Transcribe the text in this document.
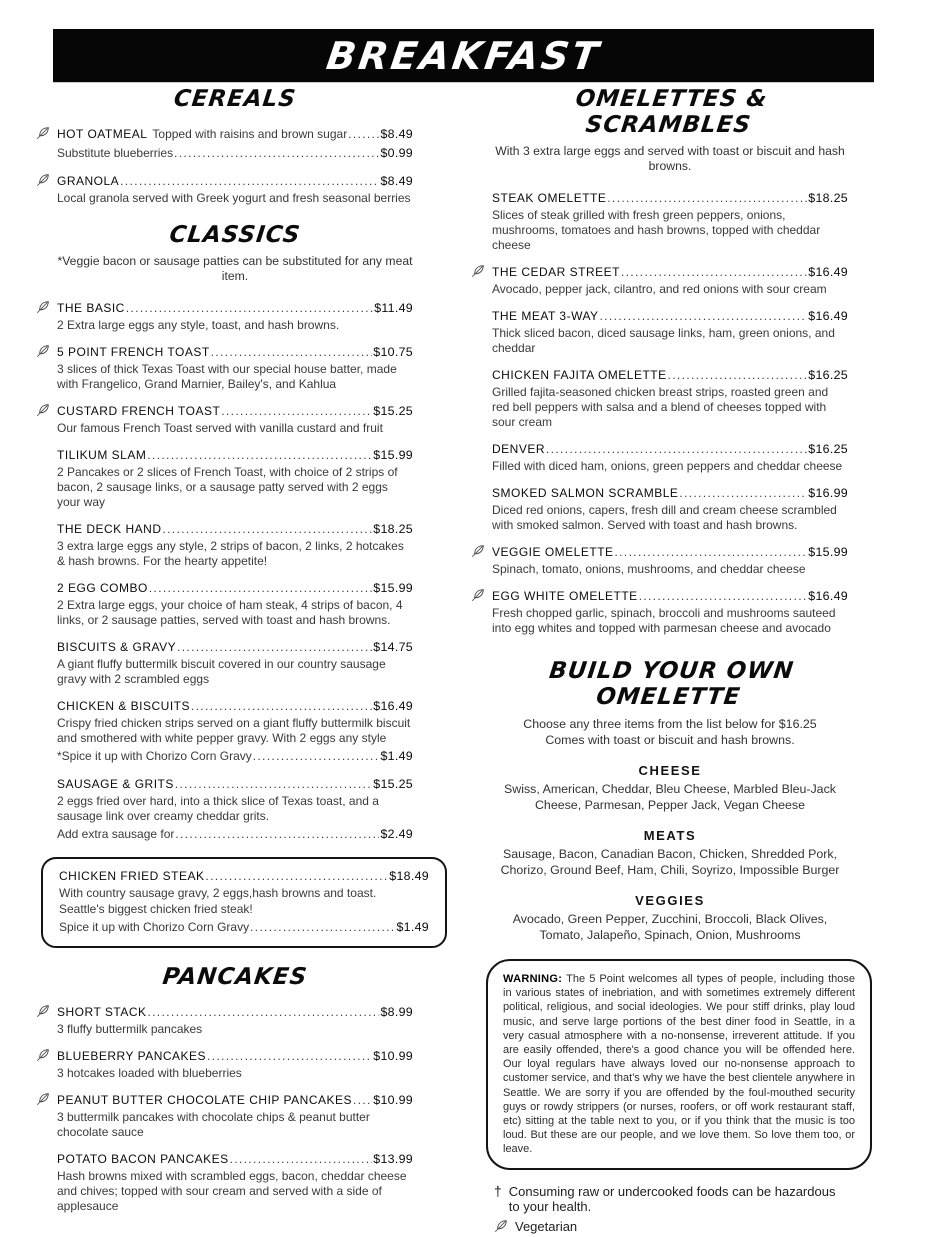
BREAKFAST
CEREALS
HOT OATMEAL Topped with raisins and brown sugar .....	$8.49
Substitute blueberries .....	$0.99
GRANOLA .....	$8.49
Local granola served with Greek yogurt and fresh seasonal berries
CLASSICS
*Veggie bacon or sausage patties can be substituted for any meat item.
THE BASIC .....	$11.49
2 Extra large eggs any style, toast, and hash browns.
5 POINT FRENCH TOAST .....	$10.75
3 slices of thick Texas Toast with our special house batter, made with Frangelico, Grand Marnier, Bailey's, and Kahlua
CUSTARD FRENCH TOAST .....	$15.25
Our famous French Toast served with vanilla custard and fruit
TILIKUM SLAM .....	$15.99
2 Pancakes or 2 slices of French Toast, with choice of 2 strips of bacon, 2 sausage links, or a sausage patty served with 2 eggs your way
THE DECK HAND .....	$18.25
3 extra large eggs any style, 2 strips of bacon, 2 links, 2 hotcakes & hash browns. For the hearty appetite!
2 EGG COMBO .....	$15.99
2 Extra large eggs, your choice of ham steak, 4 strips of bacon, 4 links, or 2 sausage patties, served with toast and hash browns.
BISCUITS & GRAVY .....	$14.75
A giant fluffy buttermilk biscuit covered in our country sausage gravy with 2 scrambled eggs
CHICKEN & BISCUITS .....	$16.49
Crispy fried chicken strips served on a giant fluffy buttermilk biscuit and smothered with white pepper gravy. With 2 eggs any style
*Spice it up with Chorizo Corn Gravy .....	$1.49
SAUSAGE & GRITS .....	$15.25
2 eggs fried over hard, into a thick slice of Texas toast, and a sausage link over creamy cheddar grits.
Add extra sausage for .....	$2.49
CHICKEN FRIED STEAK .....	$18.49
With country sausage gravy, 2 eggs,hash browns and toast.
Seattle's biggest chicken fried steak!
Spice it up with Chorizo Corn Gravy .....	$1.49
PANCAKES
SHORT STACK .....	$8.99
3 fluffy buttermilk pancakes
BLUEBERRY PANCAKES .....	$10.99
3 hotcakes loaded with blueberries
PEANUT BUTTER CHOCOLATE CHIP PANCAKES ..... $10.99
3 buttermilk pancakes with chocolate chips & peanut butter chocolate sauce
POTATO BACON PANCAKES .....	$13.99
Hash browns mixed with scrambled eggs, bacon, cheddar cheese and chives; topped with sour cream and served with a side of applesauce
OMELETTES & SCRAMBLES
With 3 extra large eggs and served with toast or biscuit and hash browns.
STEAK OMELETTE .....	$18.25
Slices of steak grilled with fresh green peppers, onions, mushrooms, tomatoes and hash browns, topped with cheddar cheese
THE CEDAR STREET .....	$16.49
Avocado, pepper jack, cilantro, and red onions with sour cream
THE MEAT 3-WAY .....	$16.49
Thick sliced bacon, diced sausage links, ham, green onions, and cheddar
CHICKEN FAJITA OMELETTE .....	$16.25
Grilled fajita-seasoned chicken breast strips, roasted green and red bell peppers with salsa and a blend of cheeses topped with sour cream
DENVER .....	$16.25
Filled with diced ham, onions, green peppers and cheddar cheese
SMOKED SALMON SCRAMBLE .....	$16.99
Diced red onions, capers, fresh dill and cream cheese scrambled with smoked salmon. Served with toast and hash browns.
VEGGIE OMELETTE .....	$15.99
Spinach, tomato, onions, mushrooms, and cheddar cheese
EGG WHITE OMELETTE .....	$16.49
Fresh chopped garlic, spinach, broccoli and mushrooms sauteed into egg whites and topped with parmesan cheese and avocado
BUILD YOUR OWN OMELETTE
Choose any three items from the list below for $16.25
Comes with toast or biscuit and hash browns.
CHEESE
Swiss, American, Cheddar, Bleu Cheese, Marbled Bleu-Jack Cheese, Parmesan, Pepper Jack, Vegan Cheese
MEATS
Sausage, Bacon, Canadian Bacon, Chicken, Shredded Pork, Chorizo, Ground Beef, Ham, Chili, Soyrizo, Impossible Burger
VEGGIES
Avocado, Green Pepper, Zucchini, Broccoli, Black Olives, Tomato, Jalapeño, Spinach, Onion, Mushrooms
WARNING: The 5 Point welcomes all types of people, including those in various states of inebriation, and with sometimes extremely different political, religious, and social ideologies. We pour stiff drinks, play loud music, and serve large portions of the best diner food in Seattle, in a very casual atmosphere with a no-nonsense, irreverent attitude. If you are easily offended, there's a good chance you will be offended here. Our loyal regulars have always loved our no-nonsense approach to customer service, and that's why we have the best clientele anywhere in Seattle. We are sorry if you are offended by the foul-mouthed security guys or rowdy strippers (or nurses, roofers, or off work restaurant staff, etc) sitting at the table next to you, or if you think that the music is too loud. But these are our people, and we love them. So love them too, or leave.
† Consuming raw or undercooked foods can be hazardous to your health.
Vegetarian
